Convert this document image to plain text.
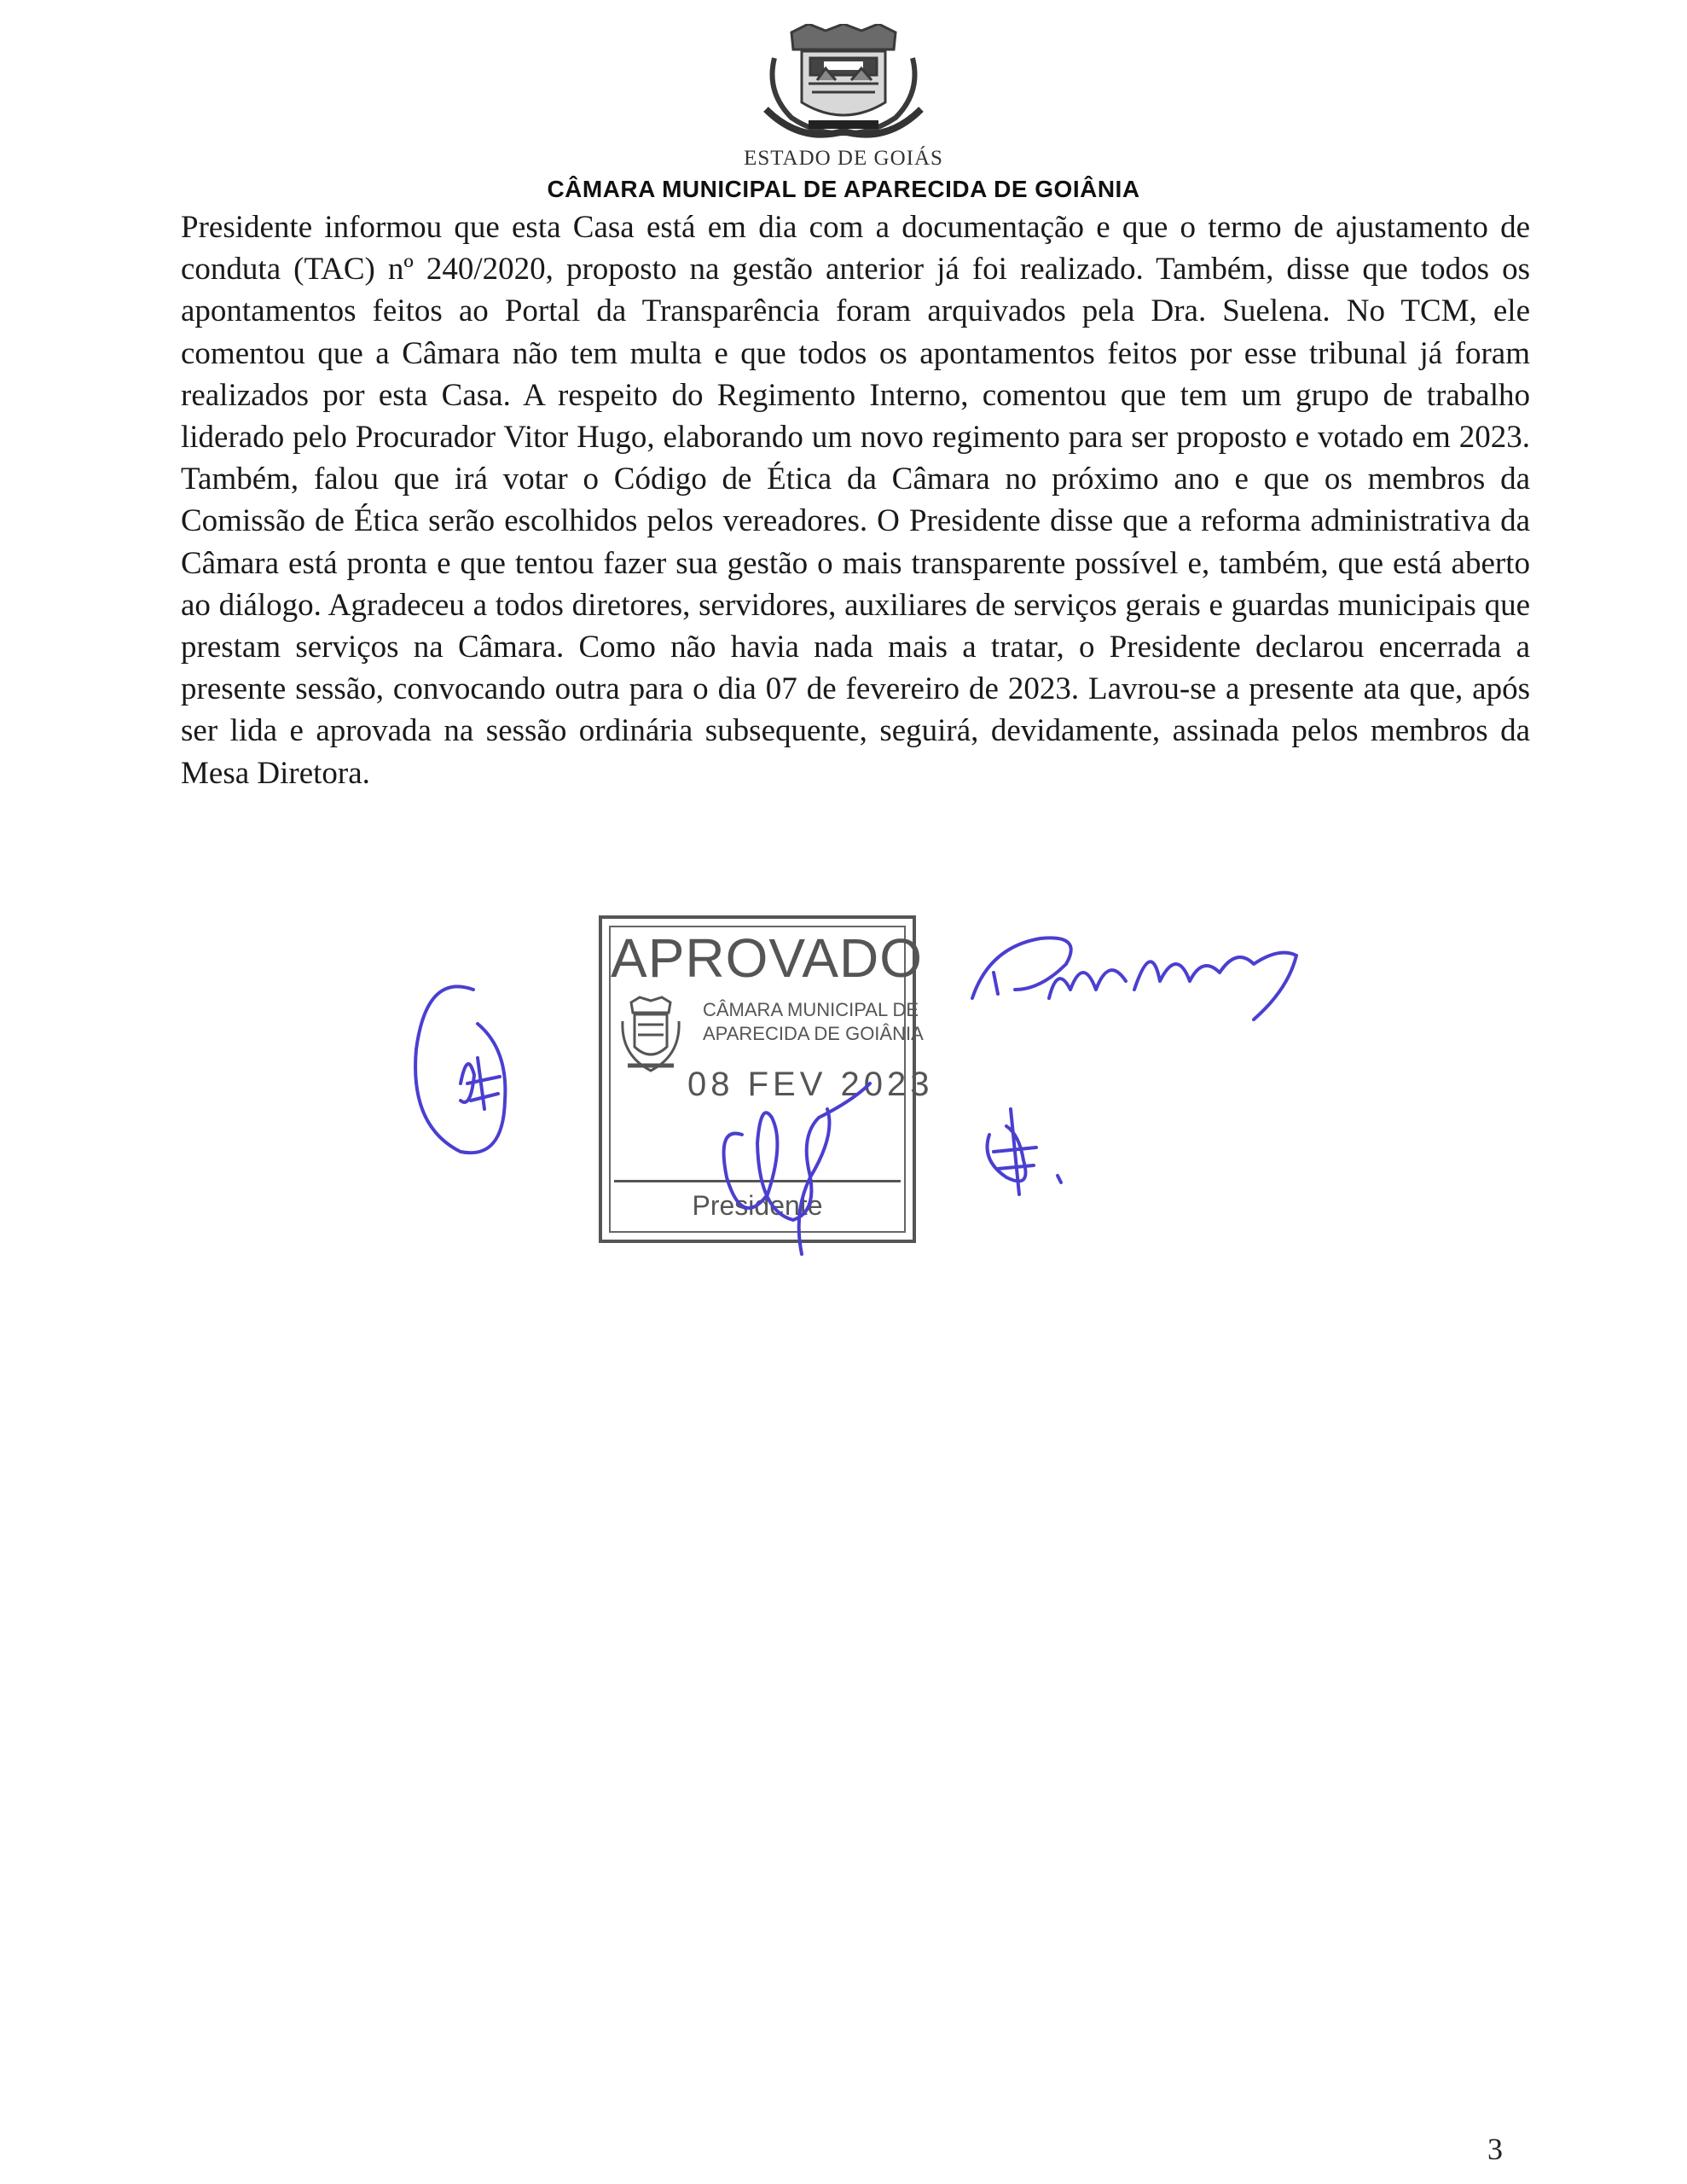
ESTADO DE GOIÁS
CÂMARA MUNICIPAL DE APARECIDA DE GOIÂNIA

Presidente informou que esta Casa está em dia com a documentação e que o termo de ajustamento de conduta (TAC) nº 240/2020, proposto na gestão anterior já foi realizado. Também, disse que todos os apontamentos feitos ao Portal da Transparência foram arquivados pela Dra. Suelena. No TCM, ele comentou que a Câmara não tem multa e que todos os apontamentos feitos por esse tribunal já foram realizados por esta Casa. A respeito do Regimento Interno, comentou que tem um grupo de trabalho liderado pelo Procurador Vitor Hugo, elaborando um novo regimento para ser proposto e votado em 2023. Também, falou que irá votar o Código de Ética da Câmara no próximo ano e que os membros da Comissão de Ética serão escolhidos pelos vereadores. O Presidente disse que a reforma administrativa da Câmara está pronta e que tentou fazer sua gestão o mais transparente possível e, também, que está aberto ao diálogo. Agradeceu a todos diretores, servidores, auxiliares de serviços gerais e guardas municipais que prestam serviços na Câmara. Como não havia nada mais a tratar, o Presidente declarou encerrada a presente sessão, convocando outra para o dia 07 de fevereiro de 2023. Lavrou-se a presente ata que, após ser lida e aprovada na sessão ordinária subsequente, seguirá, devidamente, assinada pelos membros da Mesa Diretora.

APROVADO
CÂMARA MUNICIPAL DE
APARECIDA DE GOIÂNIA
08 FEV 2023
Presidente
3
